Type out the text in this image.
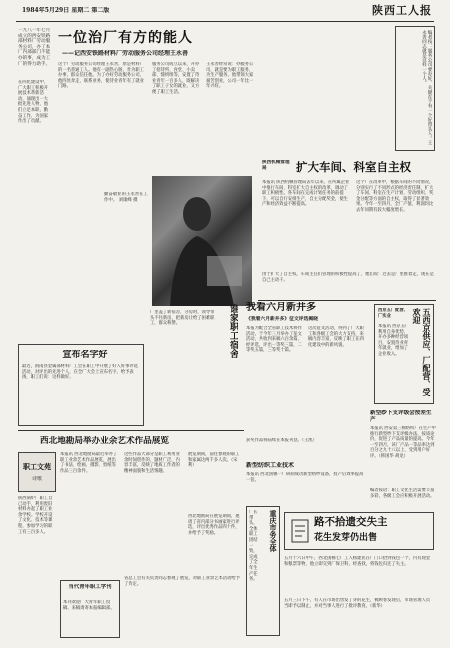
1984年5月29日 星期二 第二版	陕西工人报
一九八一年七月成立的西安铁路部材料厂劳动服务公司，办了本厂内部部门不能办的事，成为工厂的得力助手。
在四化建设中，广大职工积极开展技术革新活动，涌现出一大批先进人物，他们立足本职，勤奋工作，为国家作出了贡献。
一位治厂有方的能人
——记西安铁路材料厂劳动服务公司经理王永善
这个厂劳动服务公司经理王永善，原是材料厂的一名普通工人。他有一副热心肠，肯为职工办事，群众信任他。为了办好劳动服务公司，他四处奔走，联系业务，使待业青年有了就业门路。
服务公司成立以来，开办了招待所、食堂、小卖部、缝纫组等，安置了待业青年一百多人，既解决了职工子女的就业，又方便了职工生活。
王永善经常说：办服务公司，就是要为职工服务，为生产服务。他带领大家艰苦创业，公司一年比一年兴旺。
勤奋敬业的王永善在工作中。 刘康峰 摄
编者按：服务公司要办好，关键在于有一个好带头人。王永善同志就是这样一个人。
陕西机械管理局	扩大车间、科室自主权
本报讯 陕西机械管理局去年以来，在所属企业中推行车间、科室扩大自主权的改革，调动了职工积极性。各车间在完成计划任务的前提下，可以自行安排生产，自主分配奖金，使生产和经济效益不断提高。
这个厂在改革中，根据车间的不同情况，分别实行了不同形式的经济责任制，扩大了车间、科室在生产计划、劳动组织、奖金分配等方面的自主权，取得了显著效果。今年一至四月，全厂产值、利润均比去年同期有较大幅度增长。
由于扩大了自主权，车间主任们管理的积极性提高了，他们说：过去是厂里推着走，现在是自己主动干。
宣布名字好
最近，渭南县金属部材料厂工会在职工中开展了好人好事评选活动，对评出的先进个人，在全厂大会上宣布名字，给予表扬，职工们说：这样做好。
谁家职工宿舍
厂里盖了新宿舍，分房时，领导带头不住新房，把新房让给了困难职工，群众称赞。
我看六月新井多
《我看六月新井多》征文评选揭晓
本报为配合全省职工技术协作活动，于今年三月举办了征文活动，共收到来稿六百余篇，经评选，评出一等奖三篇，二等奖五篇，三等奖十篇。
这次征文活动，得到了广大职工和各级工会的大力支持，来稿内容丰富，反映了职工在四化建设中的新风貌。
获奖作品将陆续在本报刊登。（王凯）
五西京供应、厂配营、受欢迎
西京五厂配营、厂实业
本报讯 西京五厂利用自身优势，开办多种经营项目，安置待业青年就业，增加了企业收入。
新型纱下支评级会按差生产
本报讯 西安第三棉纺织厂在生产中推行新型纱下支评级办法，按质论价，促进了产品质量的提高。今年一至四月，该厂产品一等品率达到百分之九十八以上，受到用户好评。（韩国华 胡龙）
新型纺织工业技术
本报讯 西北国棉一厂研制成功新型纺纱设备，投产后效率提高一倍。
西北地勘局举办业余艺术作品展览
本报讯 西北地勘局最近举办了职工业余艺术作品展览，展出了书法、绘画、摄影、剪纸等作品三百余件。
这些作品大部分是职工利用业余时间创作的，题材广泛，内容丰富，反映了地质工作者的精神面貌和生活情趣。
展览期间，前往参观的职工和家属达两千多人次。（宋利）
西北地勘局在展览期间，邀请了省内部分书画家进行评选，评出优秀作品四十件，并给予了奖励。
省总工会有关负责同志参观了展览，对职工业余艺术活动给予了肯定。
职工文苑
诗歌
陕西锅炉厂职工自己动手，利用废旧材料办起了职工业余学校。学校开设了文化、技术等课程，参加学习的职工有三百多人。
当代青年职工学刊
本刊欢迎广大青年职工投稿。来稿请寄本报编辑部。
重庆市务全体
厂长带头，全体职工团结一致，完成了全年生产任务。
路不拾遗交失主
花生发芽仍出售
五月十六日中午，西北国棉七厂工人杨建民在厂门口拾到钱包一个，内有现金和粮票等物，他立即交到厂保卫科，经查找，将钱包归还了失主。
五月三日下午，有人在市场出售发了芽的花生，被顾客发现后，市场管理人员当即予以制止，并对当事人进行了批评教育。（新华）
编者按语：职工文化生活需要丰富多彩，各级工会应积极开展活动。
